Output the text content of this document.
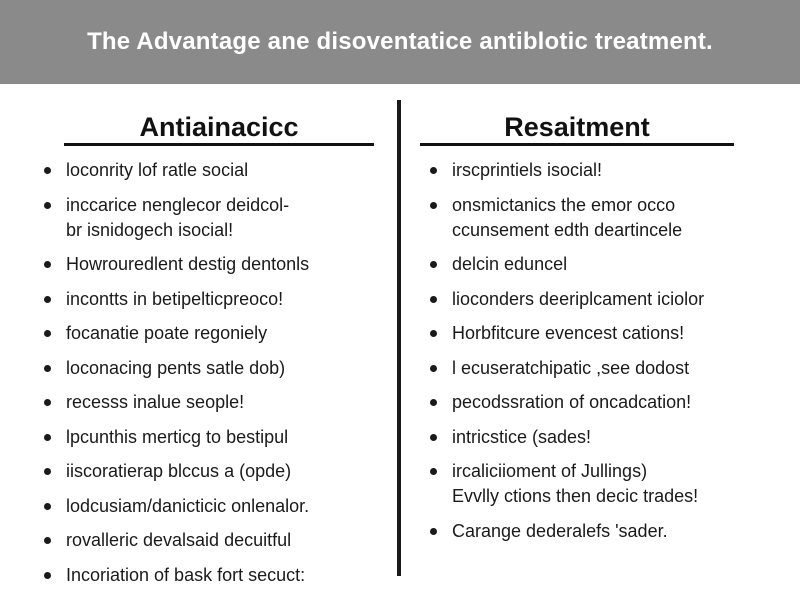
The Advantage ane disoventatice antiblotic treatment.
Antiainacicc
loconrity lof ratle social
inccarice nenglecor deidcol-
br isnidogech isocial!
Howrouredlent destig dentonls
incontts in betipelticpreoco!
focanatie poate regoniely
loconacing pents satle dob)
recesss inalue seople!
lpcunthis merticg to bestipul
iiscoratierap blccus a (opde)
lodcusiam/danicticic onlenalor.
rovalleric devalsaid decuitful
Incoriation of bask fort secuct:
Resaitment
irscprintiels isocial!
onsmictanics the emor occo
ccunsement edth deartincele
delcin eduncel
lioconders deeriplcament iciolor
Horbfitcure evencest cations!
l ecuseratchipatic ,see dodost
pecodssration of oncadcation!
intricstice (sades!
ircaliciioment of Jullings)
Evvlly ctions then decic trades!
Carange dederalefs 'sader.
